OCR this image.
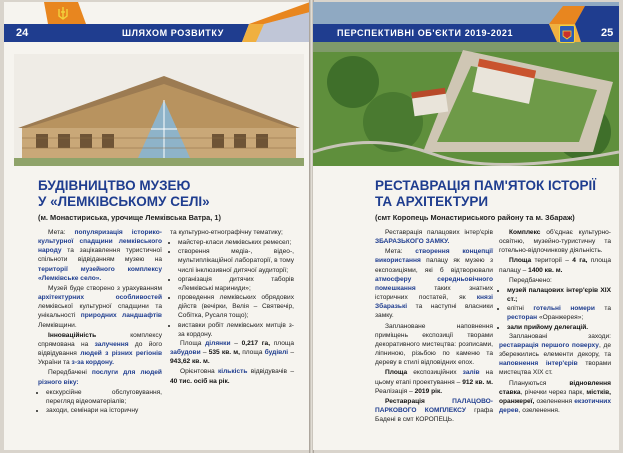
24	ШЛЯХОМ РОЗВИТКУ
БУДІВНИЦТВО МУЗЕЮ
У «ЛЕМКІВСЬКОМУ СЕЛІ»
(м. Монастириська, урочище Лемківська Ватра, 1)

Мета: популяризація історико-культурної спадщини лемківського народу та зацікавлення туристичної спільноти відвіданням музею на території музейного комплексу «Лемківське село».

Музей буде створено з урахуванням архітектурних особливостей лемківської культурної спадщини та унікальності природних ландшафтів Лемківщини.

Інноваційність комплексу спрямована на залучення до його відвідування людей з різних регіонів України та з-за кордону.

Передбачені послуги для людей різного віку:

• екскурсійне обслуговування, перегляд відеоматеріалів;
• заходи, семінари на історичну

та культурно-етнографічну тематику;

• майстер-класи лемківських ремесел;
• створення медіа-, відео-, мультиплікаційної лабораторії, в тому числі інклюзивної дитячої аудиторії;
• організація дитячих таборів «Лемківські мариниди»;
• проведення лемківських обрядових дійств (вечірки, Велія – Святвечір, Собітка, Русаля тощо);
• виставки робіт лемківських митців з-за кордону.

Площа ділянки – 0,217 га, площа забудови – 535 кв. м, площа будівлі – 943,62 кв. м.

Орієнтовна кількість відвідувачів – 40 тис. осіб на рік.

ПЕРСПЕКТИВНІ ОБ'ЄКТИ 2019-2021	25
РЕСТАВРАЦІЯ ПАМ'ЯТОК ІСТОРІЇ
ТА АРХІТЕКТУРИ
(смт Коропець Монастириського району та м. Збараж)

Реставрація палацових інтер'єрів ЗБАРАЗЬКОГО ЗАМКУ.

Мета: створення концепції використання палацу як музею з експозиціями, які б відтворювали атмосферу середньовічного помешкання таких знатних історичних постатей, як князі Збаразькі та наступні власники замку.

Заплановане наповнення приміщень експозиції творами декоративного мистецтва: розписами, ліпниною, різьбою по каменю та дереву в стилі відповідних епох.

Площа експозиційних залів на цьому етапі проектування – 912 кв. м. Реалізація – 2019 рік.

Реставрація ПАЛАЦОВО-ПАРКОВОГО КОМПЛЕКСУ графа Бадені в смт КОРОПЕЦЬ.

Комплекс об'єднає культурно-освітню, музейно-туристичну та готельно-відпочинкову діяльність.

Площа території – 4 га, площа палацу – 1400 кв. м.

Передбачено:

• музей палацових інтер'єрів XIX ст.;
• елітні готельні номери та ресторан «Оранжерея»;
• зали прийому делегацій.

Заплановані заходи: реставрація першого поверху, де збережились елементи декору, та наповнення інтер'єрів творами мистецтва XIX ст.

Плануються відновлення ставка, річечки через парк, містків, оранжереї, озеленення екзотичних дерев, озеленення.
